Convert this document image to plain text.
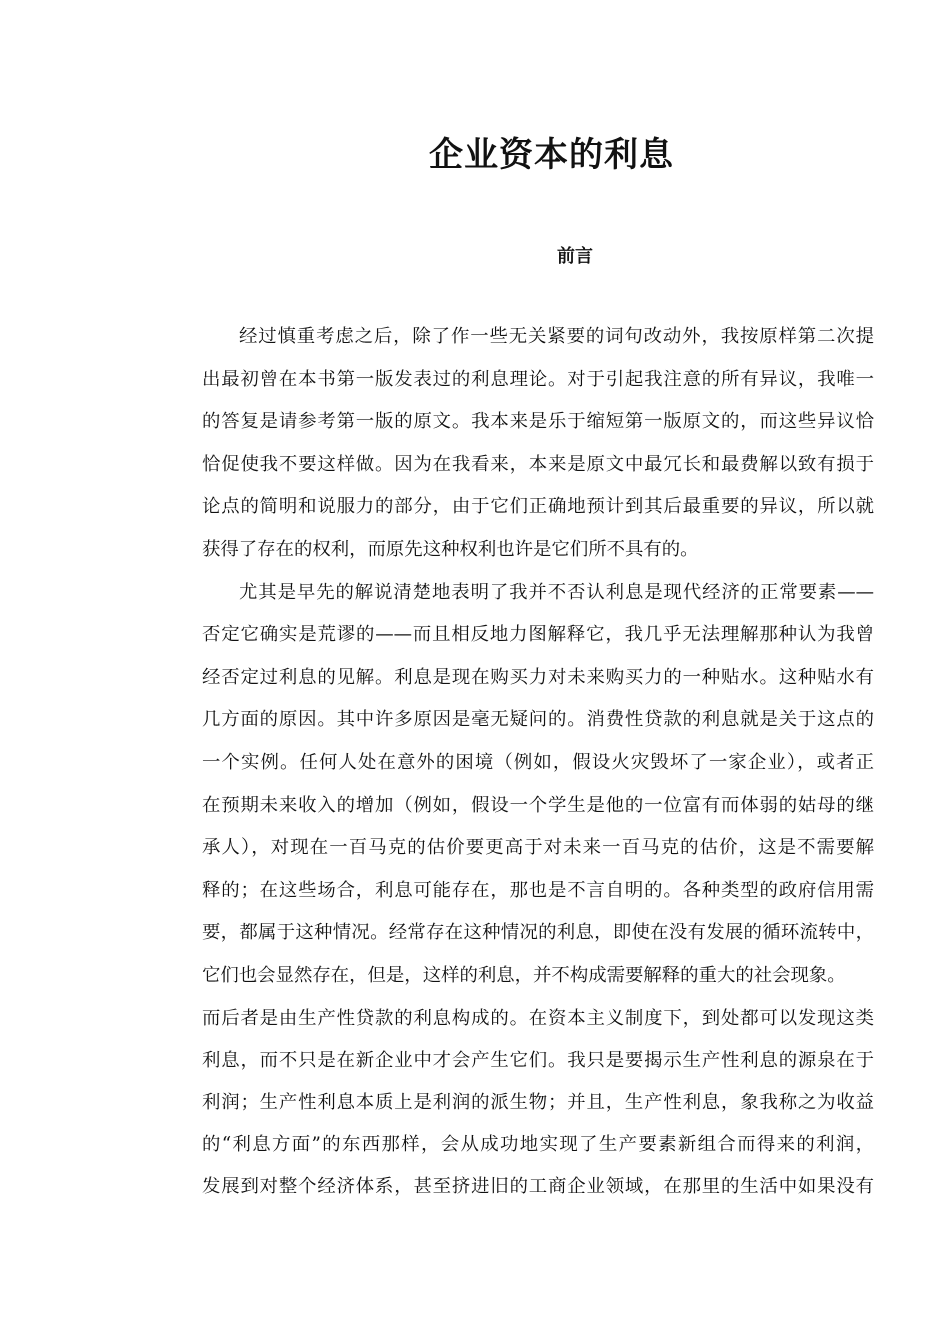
企业资本的利息
前言
经过慎重考虑之后，除了作一些无关紧要的词句改动外，我按原样第二次提
出最初曾在本书第一版发表过的利息理论。对于引起我注意的所有异议，我唯一
的答复是请参考第一版的原文。我本来是乐于缩短第一版原文的，而这些异议恰
恰促使我不要这样做。因为在我看来，本来是原文中最冗长和最费解以致有损于
论点的简明和说服力的部分，由于它们正确地预计到其后最重要的异议，所以就
获得了存在的权利，而原先这种权利也许是它们所不具有的。
尤其是早先的解说清楚地表明了我并不否认利息是现代经济的正常要素——
否定它确实是荒谬的——而且相反地力图解释它，我几乎无法理解那种认为我曾
经否定过利息的见解。利息是现在购买力对未来购买力的一种贴水。这种贴水有
几方面的原因。其中许多原因是毫无疑问的。消费性贷款的利息就是关于这点的
一个实例。任何人处在意外的困境（例如，假设火灾毁坏了一家企业），或者正
在预期未来收入的增加（例如，假设一个学生是他的一位富有而体弱的姑母的继
承人），对现在一百马克的估价要更高于对未来一百马克的估价，这是不需要解
释的；在这些场合，利息可能存在，那也是不言自明的。各种类型的政府信用需
要，都属于这种情况。经常存在这种情况的利息，即使在没有发展的循环流转中，
它们也会显然存在，但是，这样的利息，并不构成需要解释的重大的社会现象。
而后者是由生产性贷款的利息构成的。在资本主义制度下，到处都可以发现这类
利息，而不只是在新企业中才会产生它们。我只是要揭示生产性利息的源泉在于
利润；生产性利息本质上是利润的派生物；并且，生产性利息，象我称之为收益
的“利息方面”的东西那样，会从成功地实现了生产要素新组合而得来的利润，
发展到对整个经济体系，甚至挤进旧的工商企业领域，在那里的生活中如果没有
